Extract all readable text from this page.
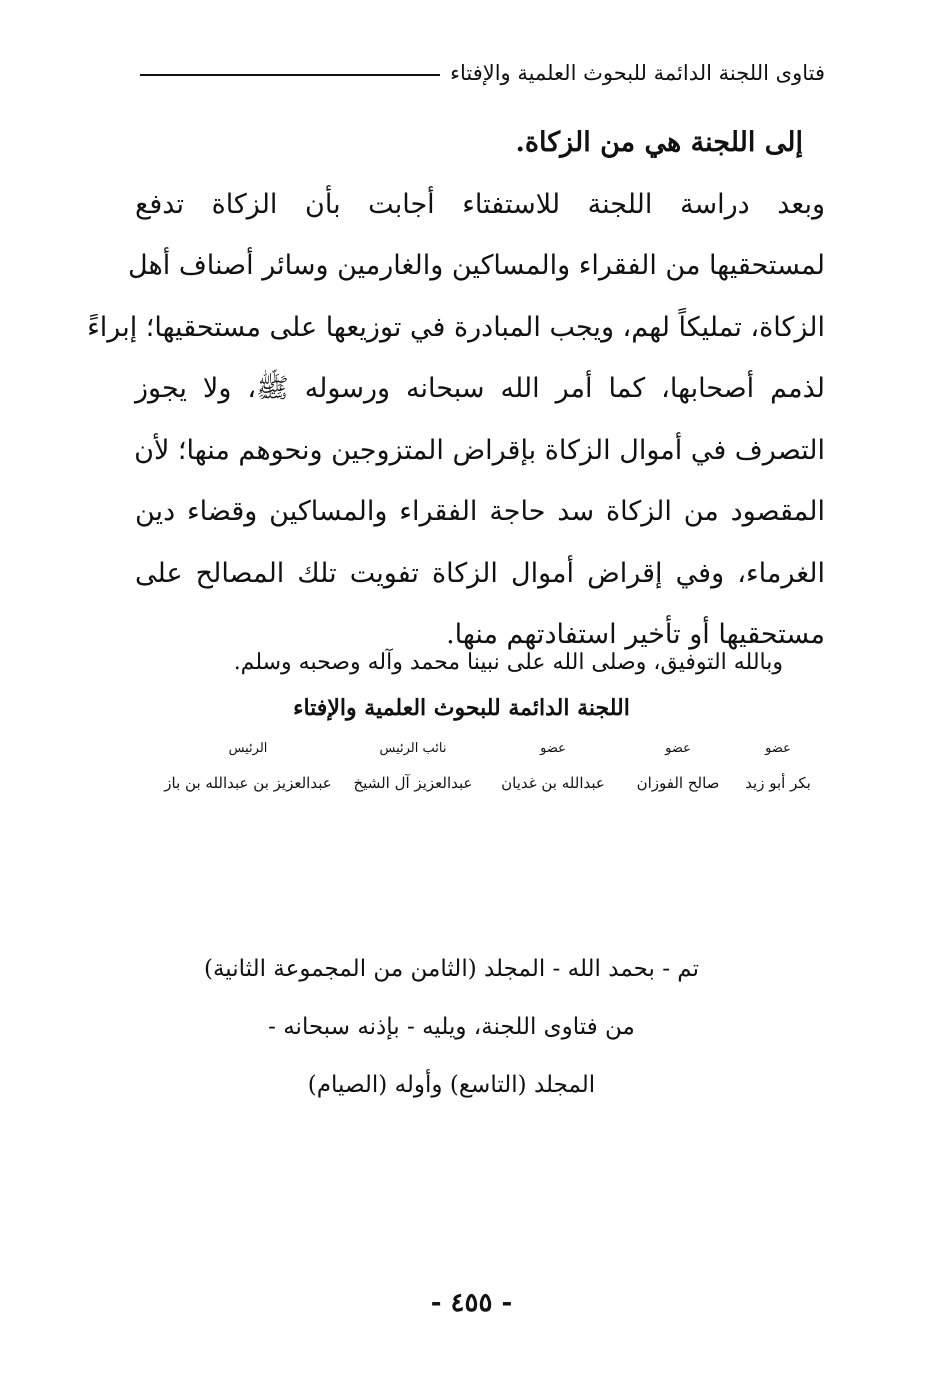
فتاوى اللجنة الدائمة للبحوث العلمية والإفتاء
إلى اللجنة هي من الزكاة.
وبعد دراسة اللجنة للاستفتاء أجابت بأن الزكاة تدفع
لمستحقيها من الفقراء والمساكين والغارمين وسائر أصناف أهل
الزكاة، تمليكاً لهم، ويجب المبادرة في توزيعها على مستحقيها؛ إبراءً
لذمم أصحابها، كما أمر الله سبحانه ورسوله ﷺ، ولا يجوز
التصرف في أموال الزكاة بإقراض المتزوجين ونحوهم منها؛ لأن
المقصود من الزكاة سد حاجة الفقراء والمساكين وقضاء دين
الغرماء، وفي إقراض أموال الزكاة تفويت تلك المصالح على
مستحقيها أو تأخير استفادتهم منها.
وبالله التوفيق، وصلى الله على نبينا محمد وآله وصحبه وسلم.
اللجنة الدائمة للبحوث العلمية والإفتاء
عضو
بكر أبو زيد
عضو
صالح الفوزان
عضو
عبدالله بن غديان
نائب الرئيس
عبدالعزيز آل الشيخ
الرئيس
عبدالعزيز بن عبدالله بن باز
تم - بحمد الله - المجلد (الثامن من المجموعة الثانية)
من فتاوى اللجنة، ويليه - بإذنه سبحانه -
المجلد (التاسع) وأوله (الصيام)
- ٤٥٥ -
